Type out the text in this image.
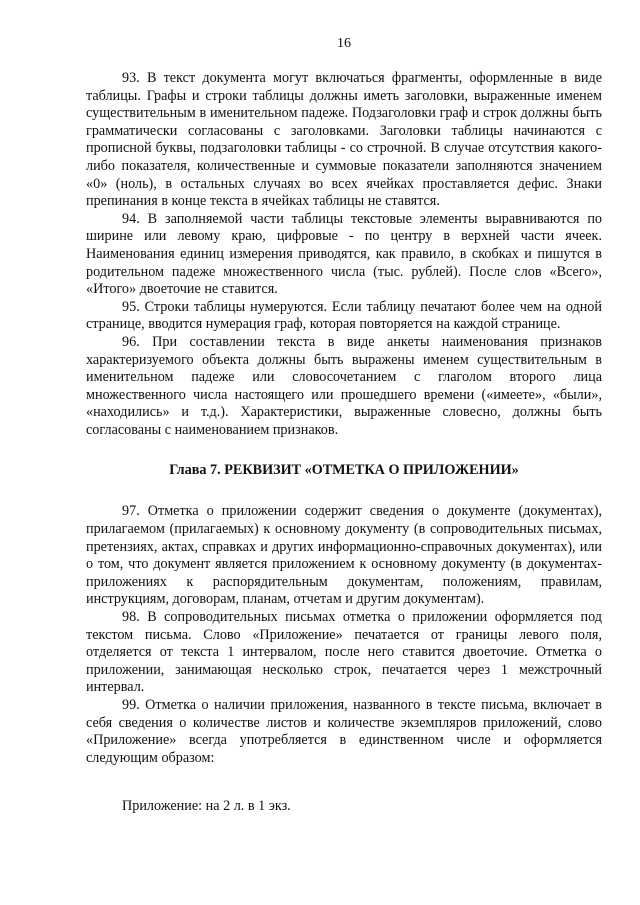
16

93. В текст документа могут включаться фрагменты, оформленные в виде таблицы. Графы и строки таблицы должны иметь заголовки, выраженные именем существительным в именительном падеже. Подзаголовки граф и строк должны быть грамматически согласованы с заголовками. Заголовки таблицы начинаются с прописной буквы, подзаголовки таблицы - со строчной. В случае отсутствия какого-либо показателя, количественные и суммовые показатели заполняются значением «0» (ноль), в остальных случаях во всех ячейках проставляется дефис. Знаки препинания в конце текста в ячейках таблицы не ставятся.

94. В заполняемой части таблицы текстовые элементы выравниваются по ширине или левому краю, цифровые - по центру в верхней части ячеек. Наименования единиц измерения приводятся, как правило, в скобках и пишутся в родительном падеже множественного числа (тыс. рублей). После слов «Всего», «Итого» двоеточие не ставится.

95. Строки таблицы нумеруются. Если таблицу печатают более чем на одной странице, вводится нумерация граф, которая повторяется на каждой странице.

96. При составлении текста в виде анкеты наименования признаков характеризуемого объекта должны быть выражены именем существительным в именительном падеже или словосочетанием с глаголом второго лица множественного числа настоящего или прошедшего времени («имеете», «были», «находились» и т.д.). Характеристики, выраженные словесно, должны быть согласованы с наименованием признаков.

Глава 7. РЕКВИЗИТ «ОТМЕТКА О ПРИЛОЖЕНИИ»

97. Отметка о приложении содержит сведения о документе (документах), прилагаемом (прилагаемых) к основному документу (в сопроводительных письмах, претензиях, актах, справках и других информационно-справочных документах), или о том, что документ является приложением к основному документу (в документах-приложениях к распорядительным документам, положениям, правилам, инструкциям, договорам, планам, отчетам и другим документам).

98. В сопроводительных письмах отметка о приложении оформляется под текстом письма. Слово «Приложение» печатается от границы левого поля, отделяется от текста 1 интервалом, после него ставится двоеточие. Отметка о приложении, занимающая несколько строк, печатается через 1 межстрочный интервал.

99. Отметка о наличии приложения, названного в тексте письма, включает в себя сведения о количестве листов и количестве экземпляров приложений, слово «Приложение» всегда употребляется в единственном числе и оформляется следующим образом:

Приложение: на 2 л. в 1 экз.
